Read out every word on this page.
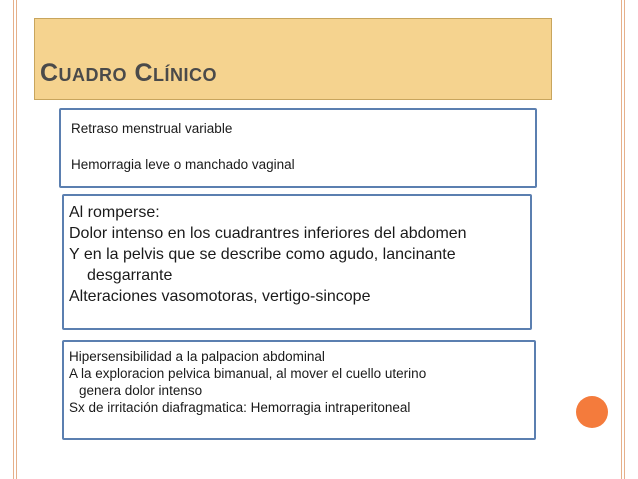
Cuadro Clínico

Retraso menstrual variable

Hemorragia leve o manchado vaginal

Al romperse:

Dolor intenso en los cuadrantres inferiores del abdomen

Y en la pelvis que se describe como agudo, lancinante

desgarrante

Alteraciones vasomotoras, vertigo-sincope

Hipersensibilidad a la palpacion abdominal

A la exploracion pelvica bimanual, al mover el cuello uterino

genera dolor intenso

Sx de irritación diafragmatica: Hemorragia intraperitoneal
